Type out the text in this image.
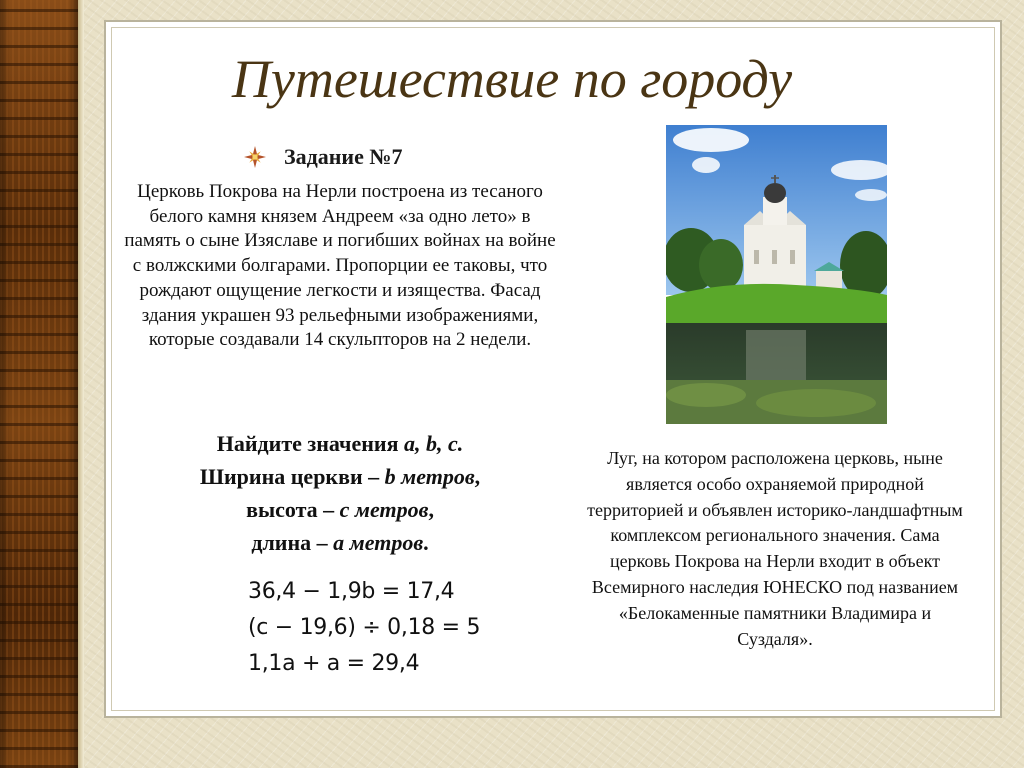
Путешествие по городу
Задание №7
Церковь Покрова на Нерли построена из тесаного белого камня князем Андреем «за одно лето» в память о сыне Изяславе и погибших войнах на войне с волжскими болгарами. Пропорции ее таковы, что рождают ощущение легкости и изящества. Фасад здания украшен 93 рельефными изображениями, которые создавали 14 скульпторов на 2 недели.
Найдите значения a, b, c.
Ширина церкви – b метров,
высота – c метров,
длина – а метров.
36,4 − 1,9b = 17,4
(c − 19,6) ÷ 0,18 = 5
1,1a + a = 29,4
Луг, на котором расположена церковь, ныне является особо охраняемой природной территорией и объявлен историко-ландшафтным комплексом регионального значения. Сама церковь Покрова на Нерли входит в объект Всемирного наследия ЮНЕСКО под названием «Белокаменные памятники Владимира и Суздаля».
